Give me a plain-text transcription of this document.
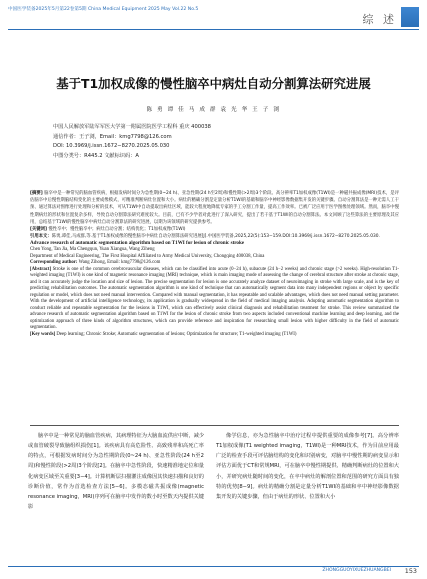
中国医学装备2025年5月第22卷第5期 China Medical Equipment 2025 May Vol.22 No.5
综 述
基于T1加权成像的慢性脑卒中病灶自动分割算法研究进展
陈 勇 谭 佳 马 成 群 袁 光 华 王 子 浏
中国人民解放军陆军军医大学第一附属医院医学工程科 重庆 400038
通信作者：王子浏，Email：kmg7798@126.com
DOI: 10.3969/j.issn.1672−8270.2025.05.030
中图分类号：R445.2 文献标识码：A

[摘要] 脑卒中是一种常见的脑血管疾病，根据发病时间分为急性期(0~24 h)、亚急性期(24 h至2周)和慢性期(>2周)3个阶段。高分辨率T1加权成像(T1WI)是一种磁共振成像(MRI)技术，是评估脑卒中后慢性期脑结构变化的主要成像模式，可精准判断病灶位置和大小。病灶的精确分割是定量分析T1WI的基础和脑卒中神经影像数据集开发的关键步骤。自动分割算法是一种无需人工干预、通过算法对图像进行处理和分析的技术，可从T1WI中自动提取出病灶区域，能较大程度地降低专家的手工分割工作量，提高工作效率。已被广泛应用于医学图像处理领域。然而，脑卒中慢性期病灶的形状和位置复杂多样，导致自动分割算法研究难度较大。目前，已有不少学者对此进行了深入研究，提出了若干基于T1WI的自动分割算法。本文回顾了这些算法的主要原理及其应用，总结基于T1WI的慢性脑卒中病灶自动分割算法的研究进展，以期为该领域的研究提供参考。

[关键词] 慢性卒中；慢性脑卒中；病灶自动分割；结构优化；T1加权成像(T1WI)

引用本文：陈勇,谭佳,马成群,等.基于T1加权成像的慢性脑卒中病灶自动分割算法研究进展[J].中国医学装备,2025,22(5):153−159.DOI:10.3969/j.issn.1672−8270.2025.05.030.

Advance research of automatic segmentation algorithm based on T1WI for lesion of chronic stroke

Chen Yong, Tan Jia, Ma Chengqun, Yuan Xiangua, Wang Ziheng

Department of Medical Engineering, The First Hospital Affiliated to Army Medical University, Chongqing 400038, China

Corresponding author: Wang Zihong, Email: kmg7798@126.com

[Abstract] Stroke is one of the common cerebrovascular diseases, which can be classified into acute (0−24 h), subacute (24 h−2 weeks) and chronic stage (>2 weeks). High-resolution T1-weighted imaging (T1WI) is one kind of magnetic resonance imaging (MRI) technique, which is main imaging mode of assessing the change of cerebral structure after stroke at chronic stage, and it can accurately judge the location and size of lesion. The precise segmentation for lesion is one accurately analyze dataset of neuroimaging in stroke with large scale, and is the key of predicting rehabilitation outcomes. The automatic segmentation algorithm is one kind of technique that can automatically segment data into many independent regions or object by specific regulation or model, which does not need manual intervention. Compared with manual segmentation, it has repeatable and scalable advantages, which does not need manual setting parameter. With the development of artificial intelligence technology, its application is gradually widespread in the field of medical imaging analysis. Adopting automatic segmentation algorithm to conduct reliable and repeatable segmentation for the lesions in T1WI, which can effectively assist clinical diagnosis and rehabilitation treatment for stroke. This review summarized the advance research of automatic segmentation algorithm based on T1WI for the lesion of chronic stroke from two aspects included conventional machine learning and deep learning, and the optimization approach of three kinds of algorithm structures, which can provide reference and inspiration for researching small lesion with higher difficulty in the field of automatic segmentation.

[Key words] Deep learning; Chronic Stroke; Automatic segmentation of lesions; Optimization for structure; T1-weighted imaging (T1WI)

脑卒中是一种常见的脑血管疾病，其病理特征为大脑血流供应中断，减少或血管破裂导致脑组织损伤[1]。该疾病具有高危险性、高致残率和高死亡率的特点，可根据发病时间分为急性期阶段(0~24 h)、亚急性阶段(24 h至2周)和慢性阶段(>2周)3个阶段[2]。在脑卒中急性阶段，快速精准地定位和量化病变区域至关重要[3−4]。计算机断层扫描灌注成像因其快速扫描和良好的诊断价值，常作为首选检查方法[5−6]。多模态磁共振成像(magnetic resonance imaging，MRI)序列可在脑卒中发作的数小时至数天内提供关键影

像学信息，亦为急性脑卒中治疗过程中提供重要的成像参考[7]。高分辨率T1加权成像(T1 weighted imaging，T1WI)是一种MRI技术，作为目前应用最广泛的检查手段可评估脑结构的变化和识别病变，对脑卒中慢性期的病变显示和评估方面优于CT和常规MRI，可在脑卒中慢性期提供、精确判断病灶的位置和大小，并研究病灶随时间的变化，在卒中病灶的解剖位置和范围的研究方面具有独特的优势[8−9]。病灶的精确分割是定量分析T1WI的基础和卒中神经影像数据集开发的关键步骤，但由于病灶的形状、位置和大小

ZHONGGUOYIXUEZHUANGBEI 153
